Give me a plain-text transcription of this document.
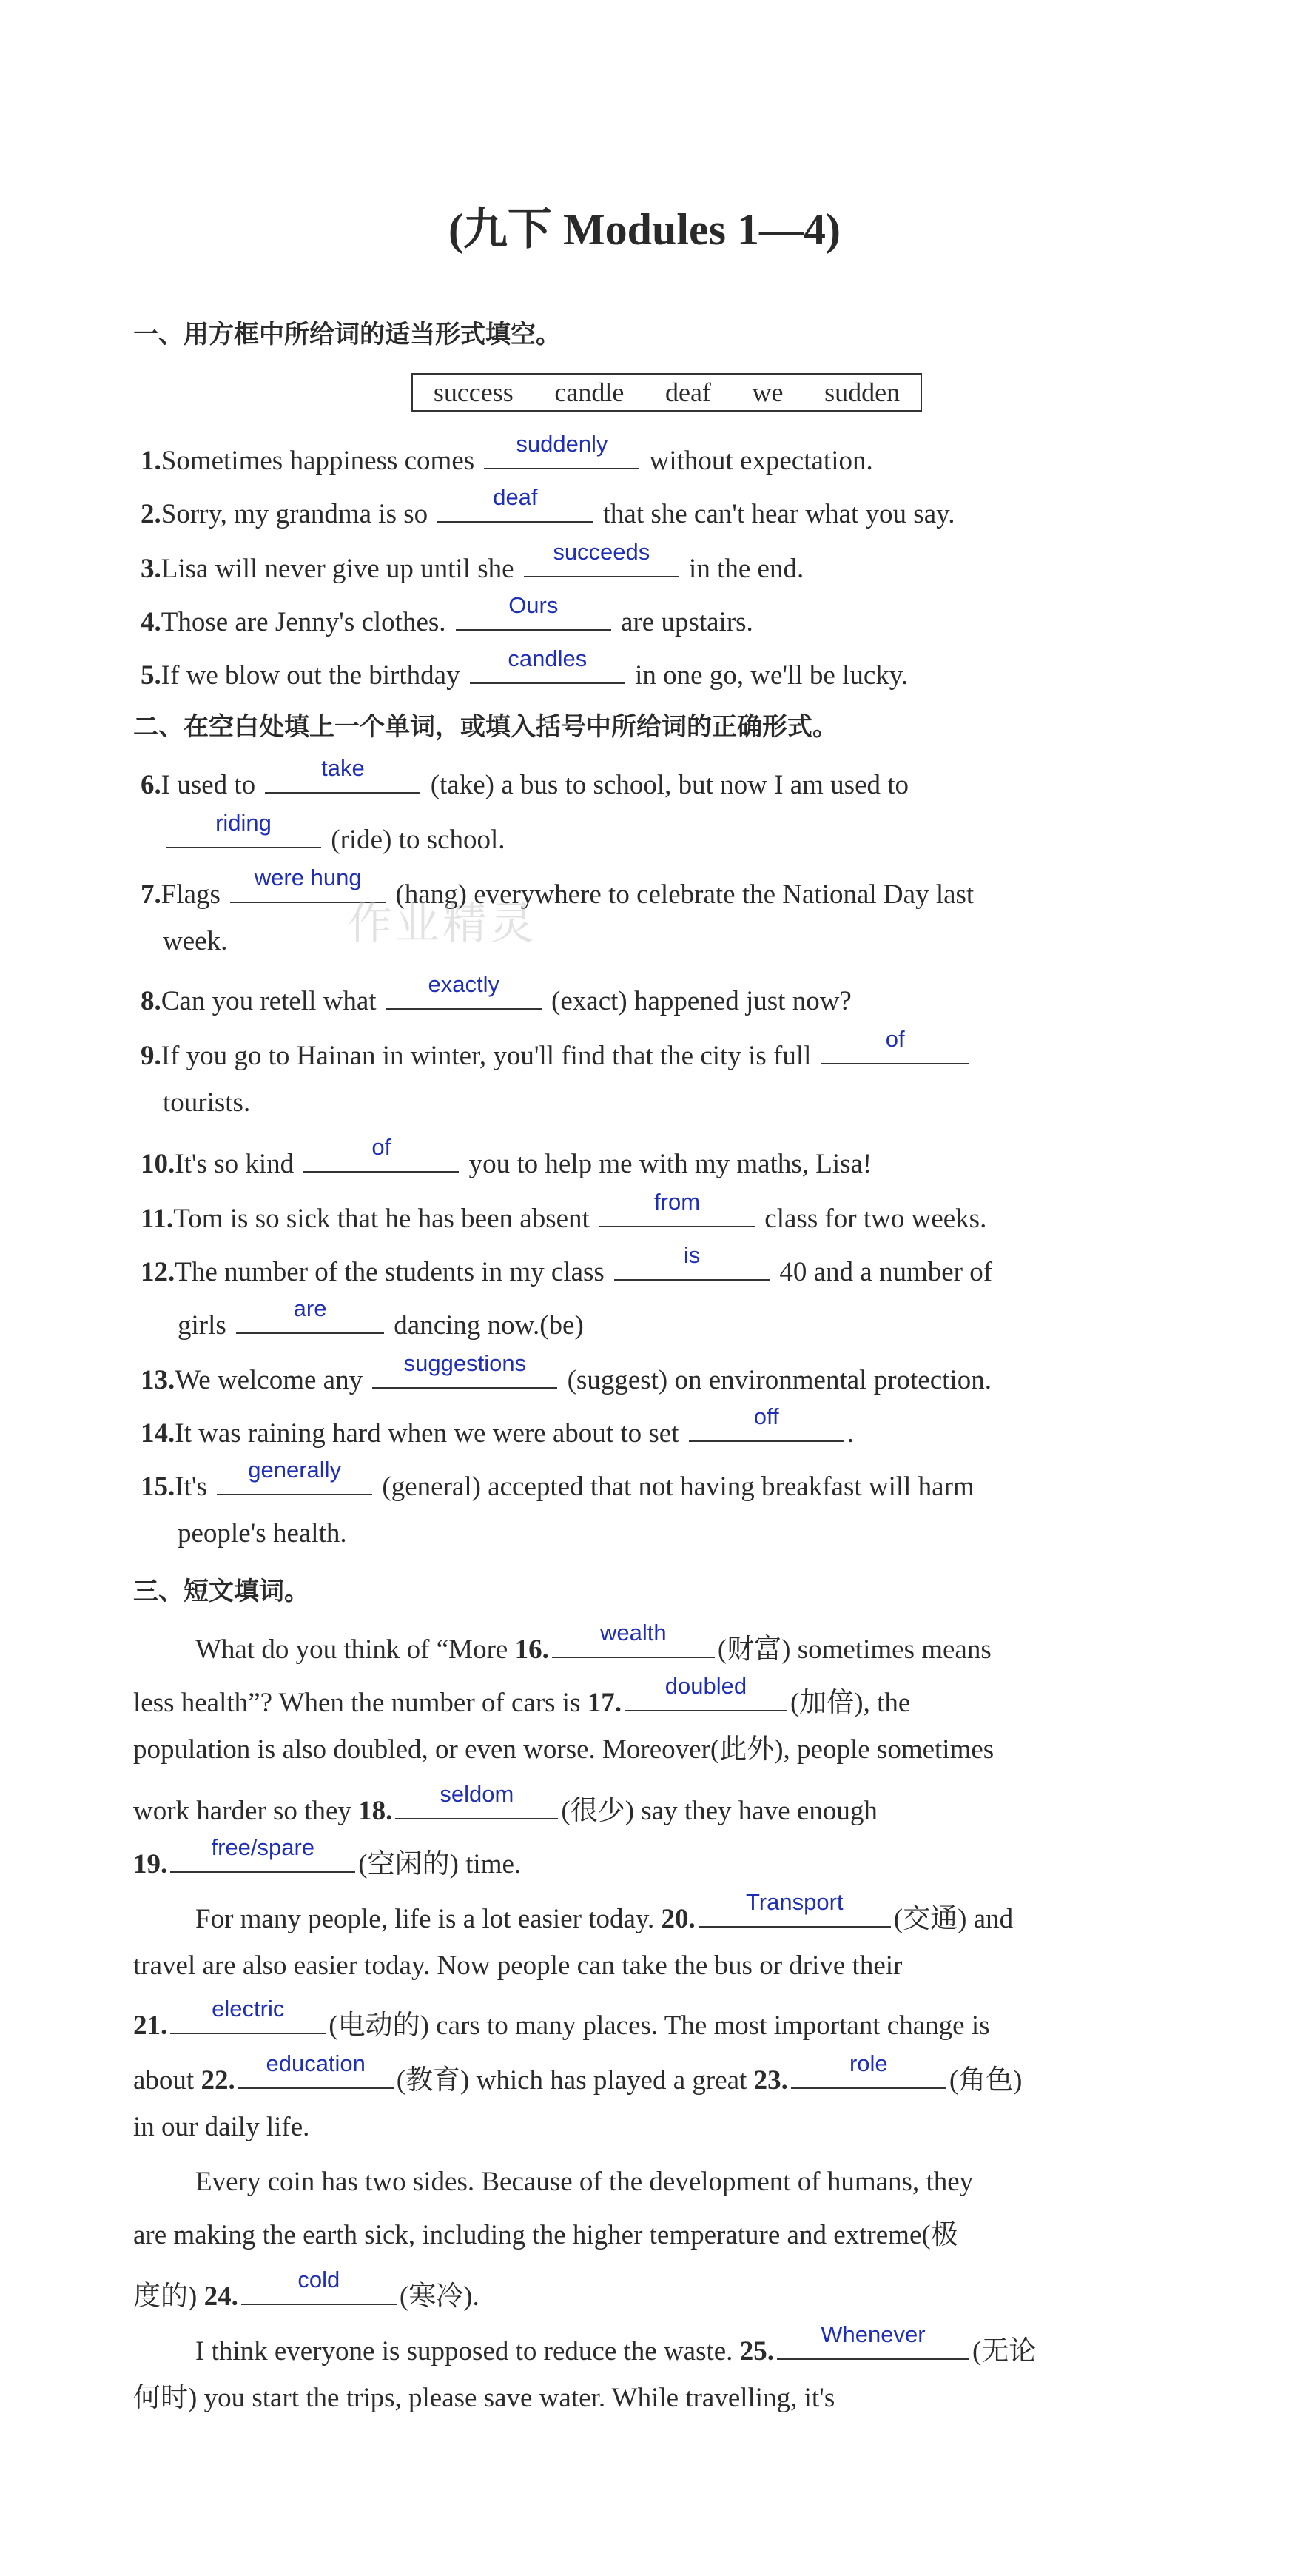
(九下 Modules 1—4)
一、用方框中所给词的适当形式填空。
success candle deaf we sudden
1.Sometimes happiness comes
suddenly
without expectation.
2.Sorry, my grandma is so
deaf
that she can't hear what you say.
3.Lisa will never give up until she
succeeds
in the end.
4.Those are Jenny's clothes.
Ours
are upstairs.
5.If we blow out the birthday
candles
in one go, we'll be lucky.
二、在空白处填上一个单词，或填入括号中所给词的正确形式。
6.I used to
take
(take) a bus to school, but now I am used to
riding
(ride) to school.
7.Flags
were hung
(hang) everywhere to celebrate the National Day last
week.
8.Can you retell what
exactly
(exact) happened just now?
9.If you go to Hainan in winter, you'll find that the city is full
of
tourists.
10.It's so kind
of
you to help me with my maths, Lisa!
11.Tom is so sick that he has been absent
from
class for two weeks.
12.The number of the students in my class
is
40 and a number of
girls
are
dancing now.(be)
13.We welcome any
suggestions
(suggest) on environmental protection.
14.It was raining hard when we were about to set
off
.
15.It's
generally
(general) accepted that not having breakfast will harm
people's health.
三、短文填词。
What do you think of “More 16.
wealth
(财富) sometimes means
less health”? When the number of cars is 17.
doubled
(加倍), the
population is also doubled, or even worse. Moreover(此外), people sometimes
work harder so they 18.
seldom
(很少) say they have enough
19.
free/spare
(空闲的) time.
For many people, life is a lot easier today. 20.
Transport
(交通) and
travel are also easier today. Now people can take the bus or drive their
21.
electric
(电动的) cars to many places. The most important change is
about 22.
education
(教育) which has played a great 23.
role
(角色)
in our daily life.
Every coin has two sides. Because of the development of humans, they
are making the earth sick, including the higher temperature and extreme(极
度的) 24.
cold
(寒冷).
I think everyone is supposed to reduce the waste. 25.
Whenever
(无论
何时) you start the trips, please save water. While travelling, it's
作业精灵
